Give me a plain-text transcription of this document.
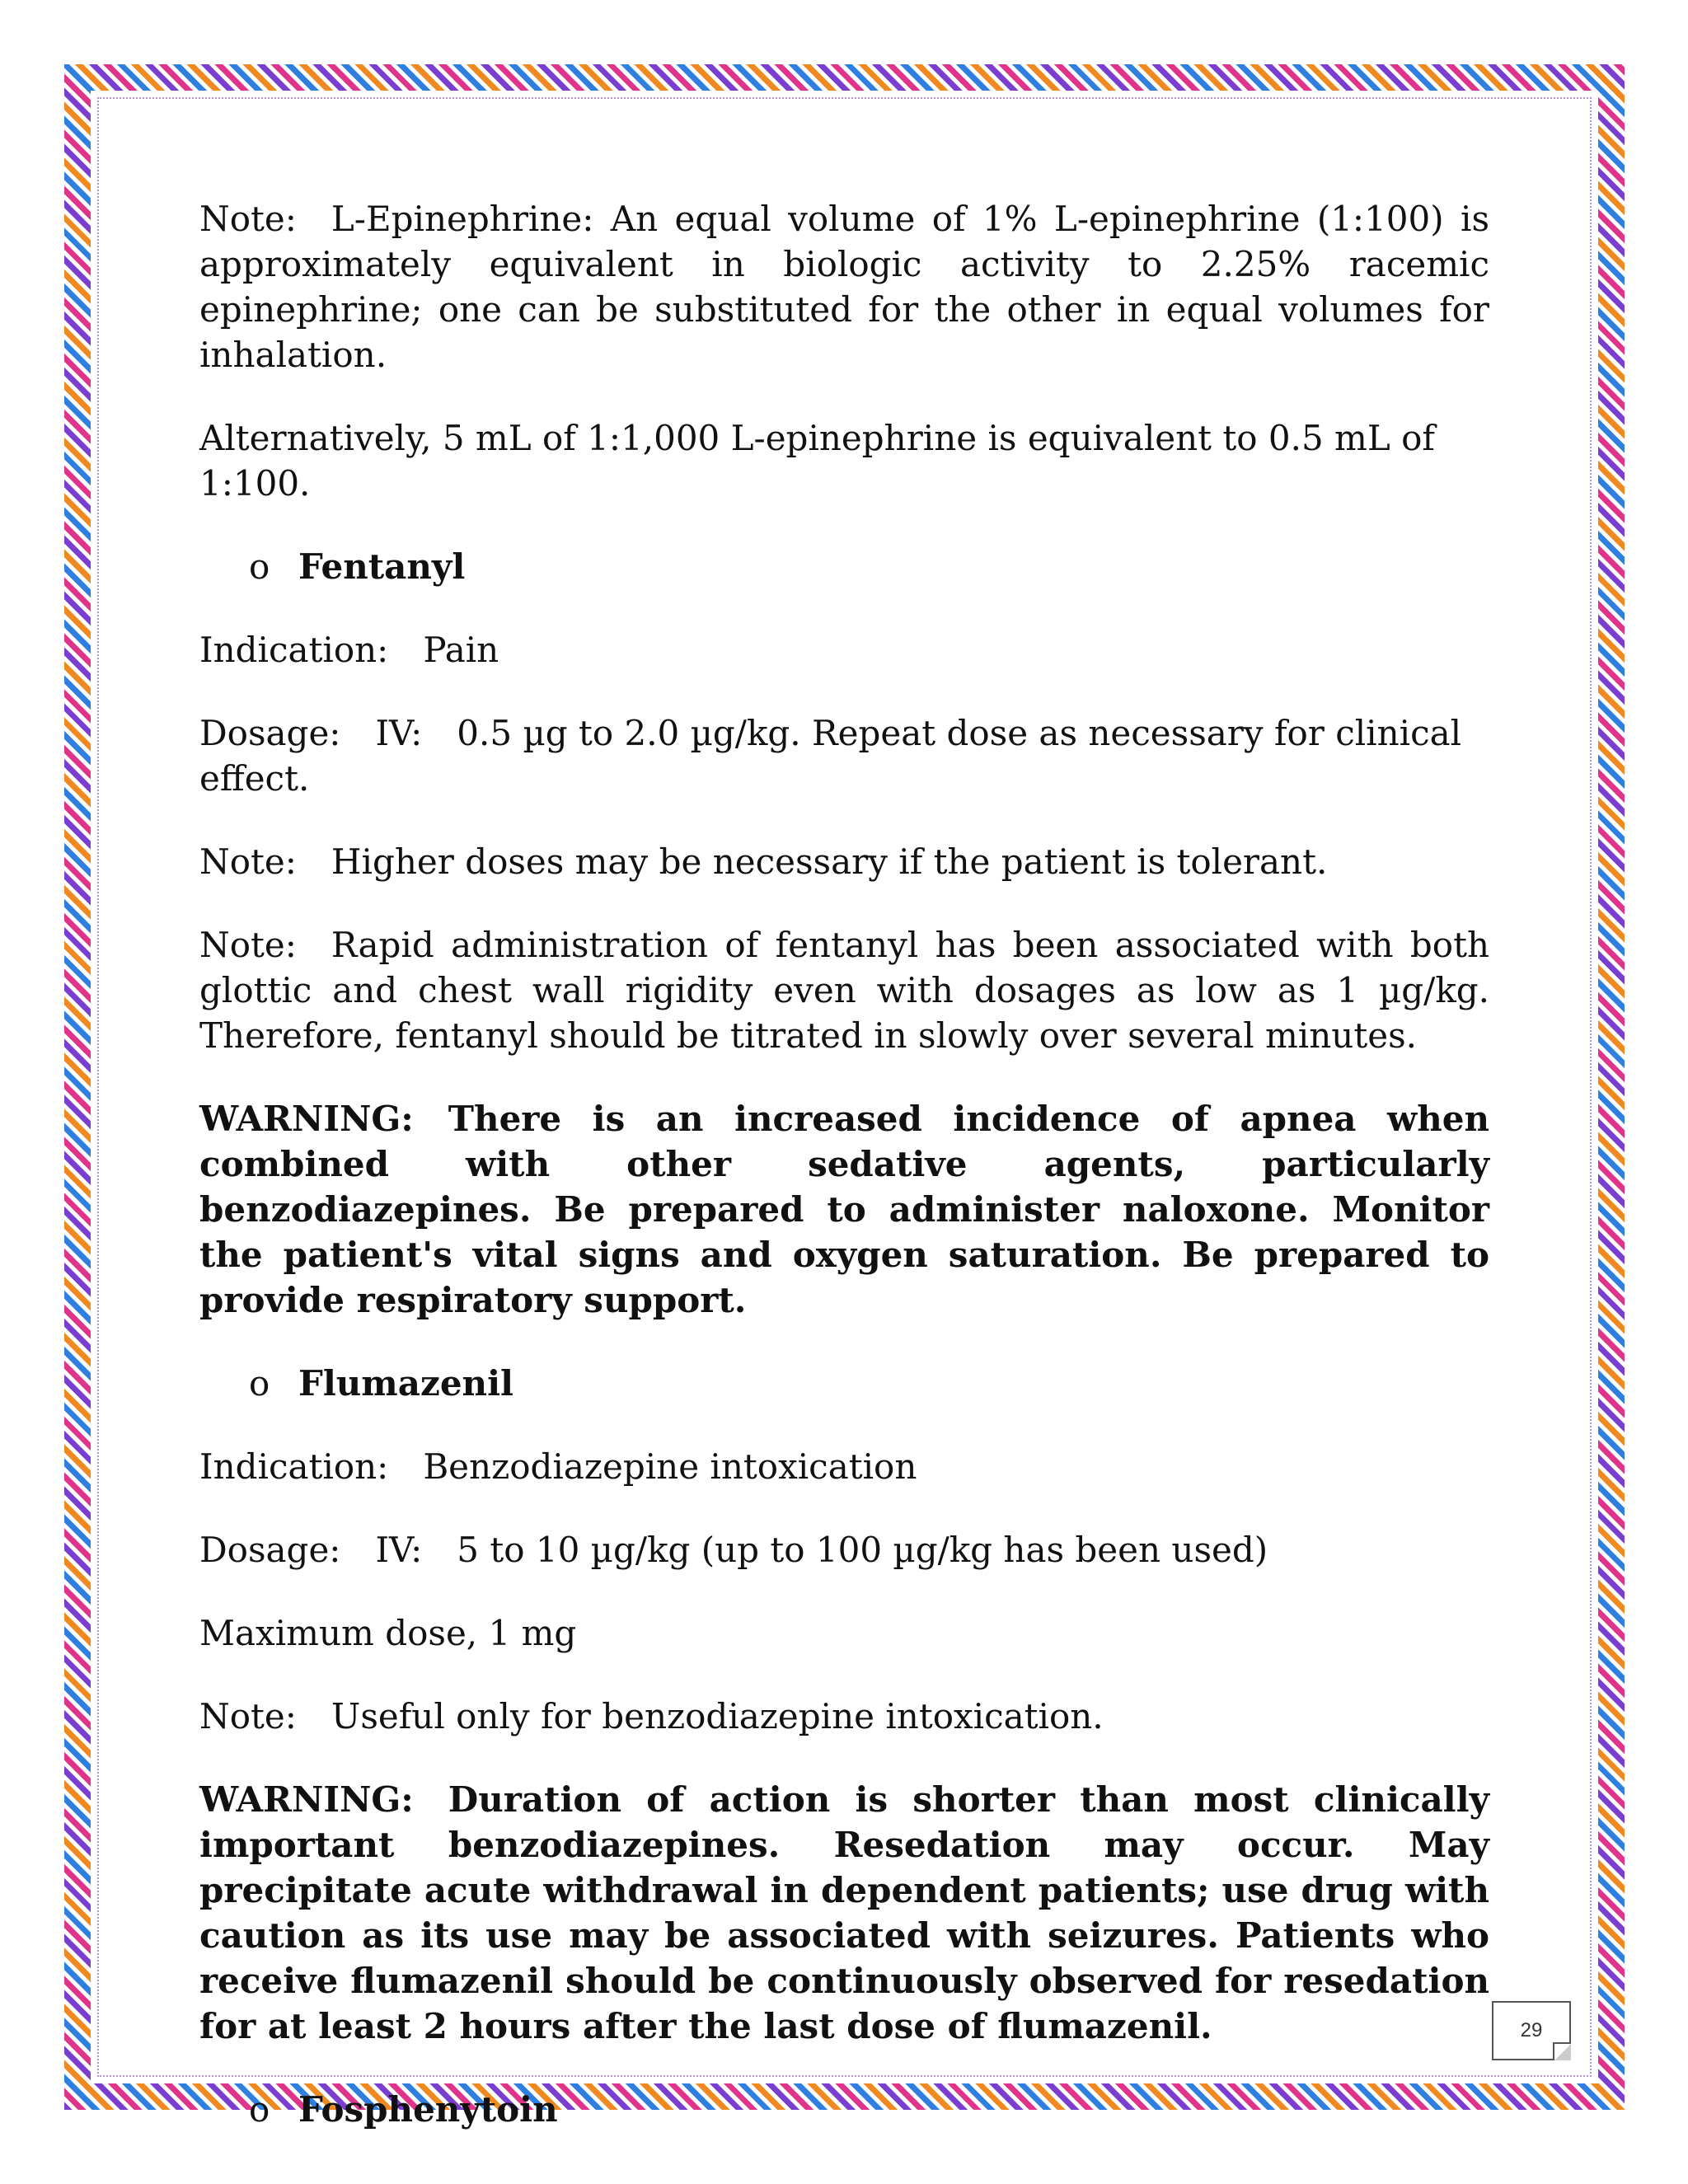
Note: L-Epinephrine: An equal volume of 1% L-epinephrine (1:100) is approximately equivalent in biologic activity to 2.25% racemic epinephrine; one can be substituted for the other in equal volumes for inhalation.

Alternatively, 5 mL of 1:1,000 L-epinephrine is equivalent to 0.5 mL of 1:100.

o Fentanyl

Indication: Pain

Dosage: IV: 0.5 µg to 2.0 µg/kg. Repeat dose as necessary for clinical effect.

Note: Higher doses may be necessary if the patient is tolerant.

Note: Rapid administration of fentanyl has been associated with both glottic and chest wall rigidity even with dosages as low as 1 µg/kg. Therefore, fentanyl should be titrated in slowly over several minutes.

WARNING: There is an increased incidence of apnea when combined with other sedative agents, particularly benzodiazepines. Be prepared to administer naloxone. Monitor the patient's vital signs and oxygen saturation. Be prepared to provide respiratory support.

o Flumazenil

Indication: Benzodiazepine intoxication

Dosage: IV: 5 to 10 µg/kg (up to 100 µg/kg has been used)

Maximum dose, 1 mg

Note: Useful only for benzodiazepine intoxication.

WARNING: Duration of action is shorter than most clinically important benzodiazepines. Resedation may occur. May precipitate acute withdrawal in dependent patients; use drug with caution as its use may be associated with seizures. Patients who receive flumazenil should be continuously observed for resedation for at least 2 hours after the last dose of flumazenil.

o Fosphenytoin
29
